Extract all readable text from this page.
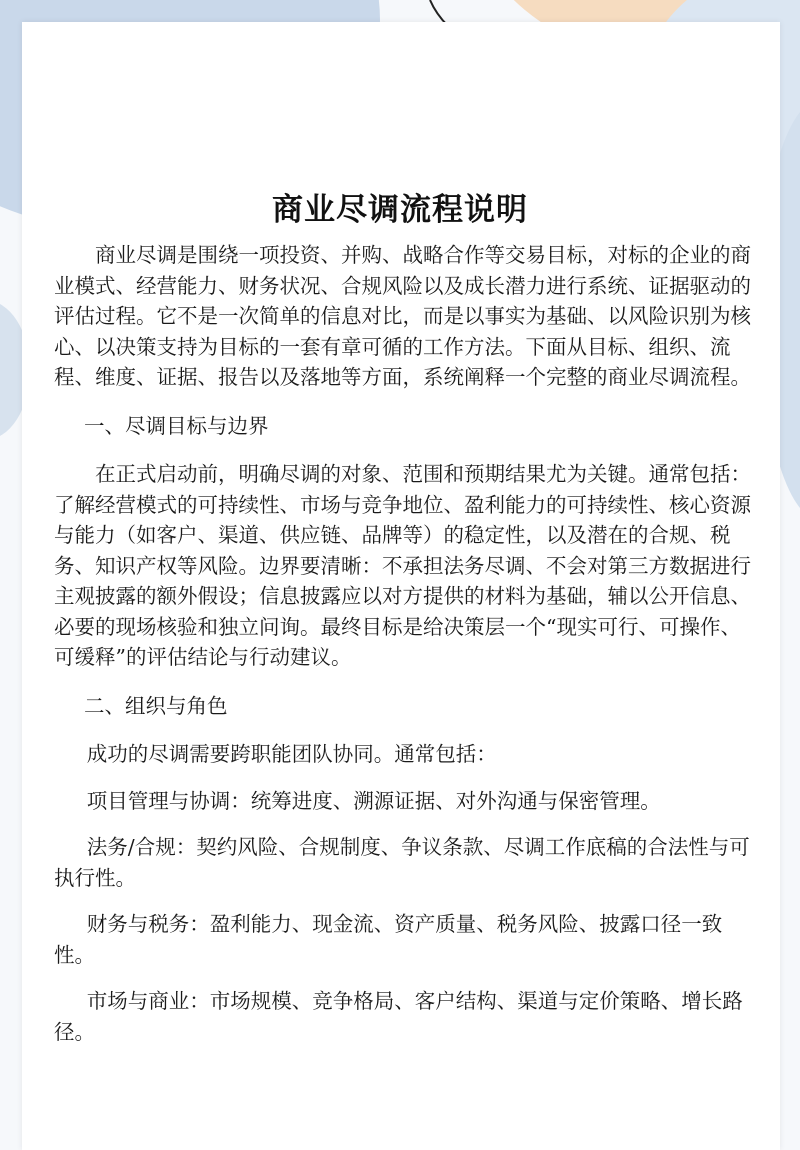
商业尽调流程说明

商业尽调是围绕一项投资、并购、战略合作等交易目标，对标的企业的商业模式、经营能力、财务状况、合规风险以及成长潜力进行系统、证据驱动的评估过程。它不是一次简单的信息对比，而是以事实为基础、以风险识别为核心、以决策支持为目标的一套有章可循的工作方法。下面从目标、组织、流程、维度、证据、报告以及落地等方面，系统阐释一个完整的商业尽调流程。

一、尽调目标与边界

在正式启动前，明确尽调的对象、范围和预期结果尤为关键。通常包括：了解经营模式的可持续性、市场与竞争地位、盈利能力的可持续性、核心资源与能力（如客户、渠道、供应链、品牌等）的稳定性，以及潜在的合规、税务、知识产权等风险。边界要清晰：不承担法务尽调、不会对第三方数据进行主观披露的额外假设；信息披露应以对方提供的材料为基础，辅以公开信息、必要的现场核验和独立问询。最终目标是给决策层一个“现实可行、可操作、可缓释”的评估结论与行动建议。

二、组织与角色

成功的尽调需要跨职能团队协同。通常包括：

项目管理与协调：统筹进度、溯源证据、对外沟通与保密管理。

法务/合规：契约风险、合规制度、争议条款、尽调工作底稿的合法性与可执行性。

财务与税务：盈利能力、现金流、资产质量、税务风险、披露口径一致性。

市场与商业：市场规模、竞争格局、客户结构、渠道与定价策略、增长路径。
